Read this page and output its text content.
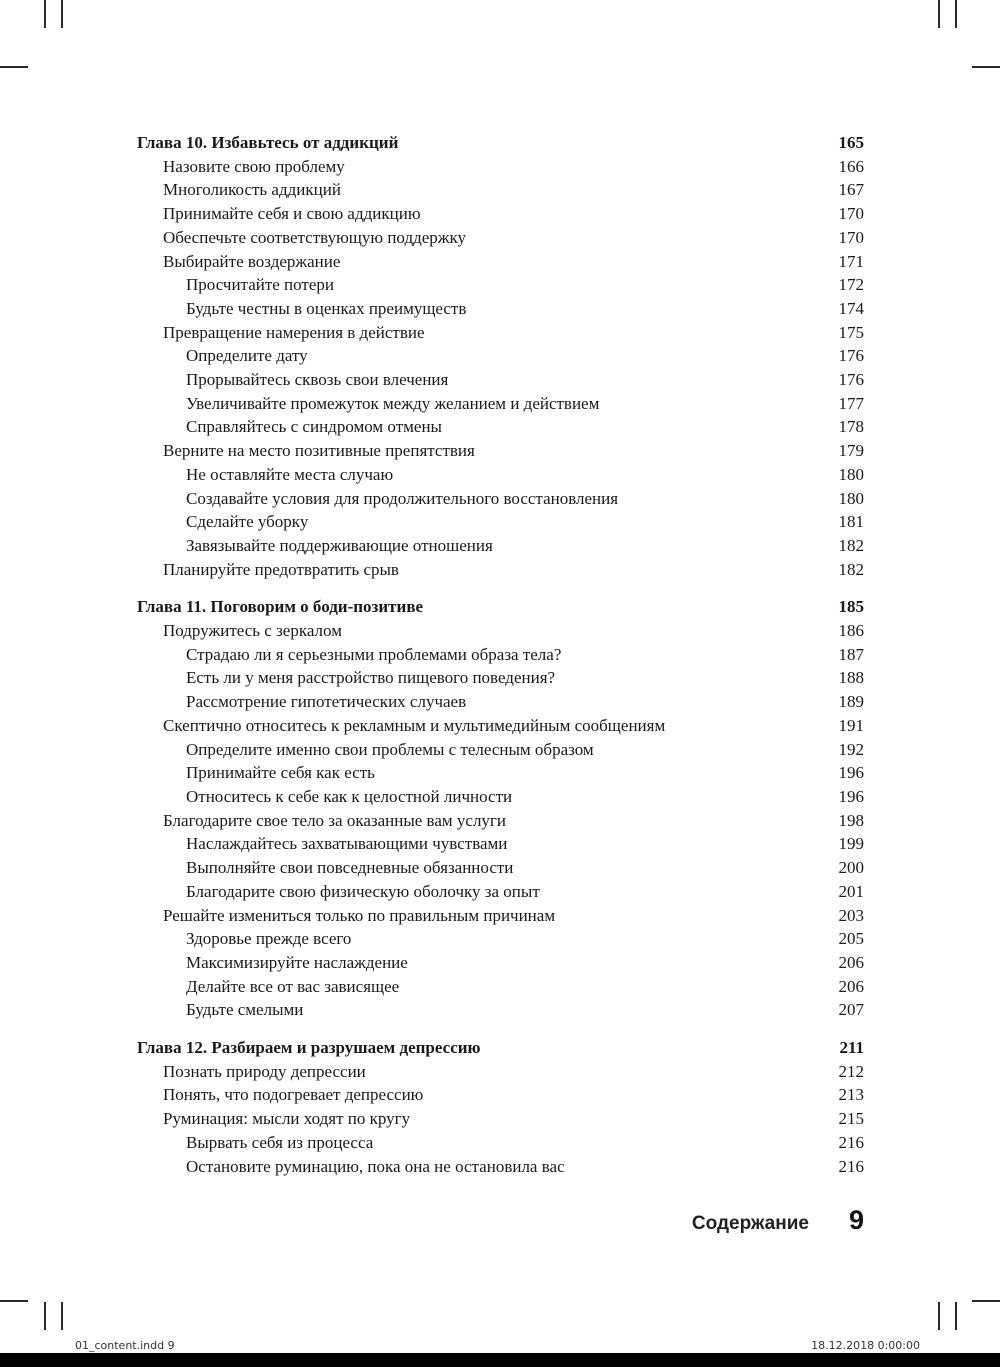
Глава 10. Избавьтесь от аддикций	165
Назовите свою проблему	166
Многоликость аддикций	167
Принимайте себя и свою аддикцию	170
Обеспечьте соответствующую поддержку	170
Выбирайте воздержание	171
Просчитайте потери	172
Будьте честны в оценках преимуществ	174
Превращение намерения в действие	175
Определите дату	176
Прорывайтесь сквозь свои влечения	176
Увеличивайте промежуток между желанием и действием	177
Справляйтесь с синдромом отмены	178
Верните на место позитивные препятствия	179
Не оставляйте места случаю	180
Создавайте условия для продолжительного восстановления	180
Сделайте уборку	181
Завязывайте поддерживающие отношения	182
Планируйте предотвратить срыв	182
Глава 11. Поговорим о боди-позитиве	185
Подружитесь с зеркалом	186
Страдаю ли я серьезными проблемами образа тела?	187
Есть ли у меня расстройство пищевого поведения?	188
Рассмотрение гипотетических случаев	189
Скептично относитесь к рекламным и мультимедийным сообщениям	191
Определите именно свои проблемы с телесным образом	192
Принимайте себя как есть	196
Относитесь к себе как к целостной личности	196
Благодарите свое тело за оказанные вам услуги	198
Наслаждайтесь захватывающими чувствами	199
Выполняйте свои повседневные обязанности	200
Благодарите свою физическую оболочку за опыт	201
Решайте измениться только по правильным причинам	203
Здоровье прежде всего	205
Максимизируйте наслаждение	206
Делайте все от вас зависящее	206
Будьте смелыми	207
Глава 12. Разбираем и разрушаем депрессию	211
Познать природу депрессии	212
Понять, что подогревает депрессию	213
Руминация: мысли ходят по кругу	215
Вырвать себя из процесса	216
Остановите руминацию, пока она не остановила вас	216
Содержание 9
01_content.indd 9	18.12.2018 0:00:00
